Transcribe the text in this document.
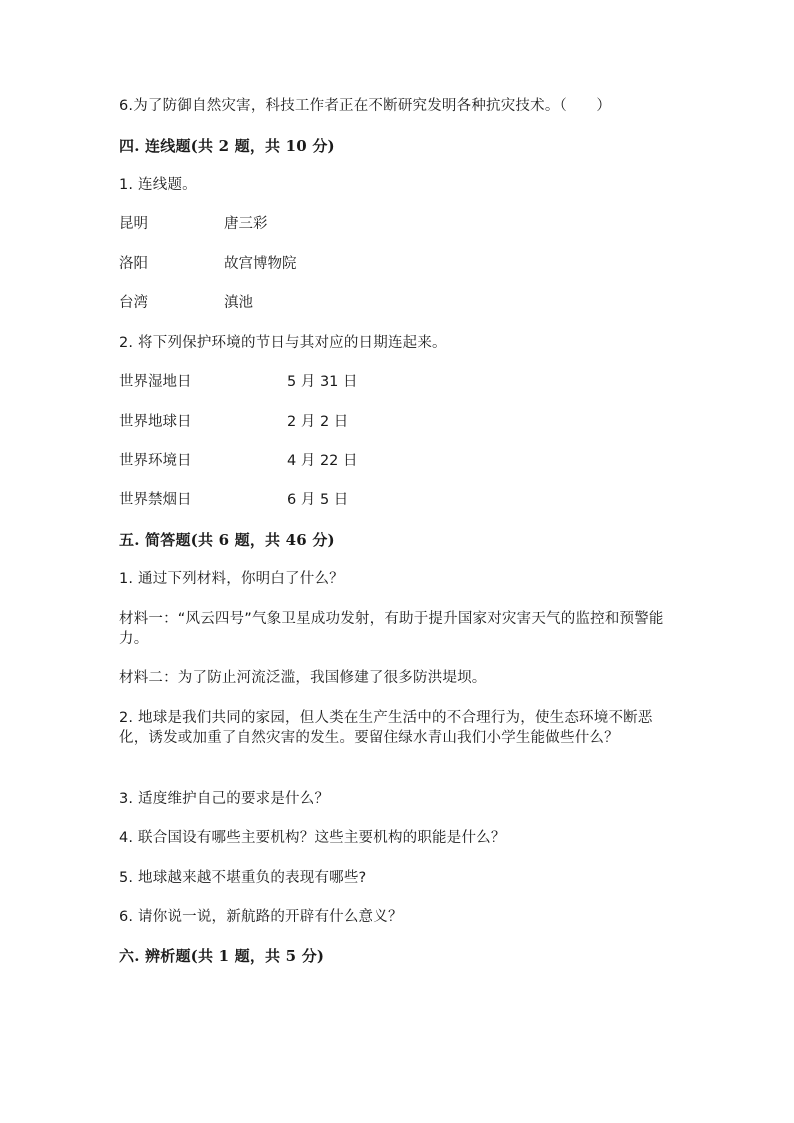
6.为了防御自然灾害，科技工作者正在不断研究发明各种抗灾技术。（　　）
四. 连线题(共 2 题，共 10 分)
1. 连线题。
昆明	唐三彩
洛阳	故宫博物院
台湾	滇池
2. 将下列保护环境的节日与其对应的日期连起来。
世界湿地日	5 月 31 日
世界地球日	2 月 2 日
世界环境日	4 月 22 日
世界禁烟日	6 月 5 日
五. 简答题(共 6 题，共 46 分)
1. 通过下列材料，你明白了什么？
材料一：“风云四号”气象卫星成功发射，有助于提升国家对灾害天气的监控和预警能力。
材料二：为了防止河流泛滥，我国修建了很多防洪堤坝。
2. 地球是我们共同的家园，但人类在生产生活中的不合理行为，使生态环境不断恶化，诱发或加重了自然灾害的发生。要留住绿水青山我们小学生能做些什么？
3. 适度维护自己的要求是什么？
4. 联合国设有哪些主要机构？这些主要机构的职能是什么？
5. 地球越来越不堪重负的表现有哪些?
6. 请你说一说，新航路的开辟有什么意义？
六. 辨析题(共 1 题，共 5 分)
